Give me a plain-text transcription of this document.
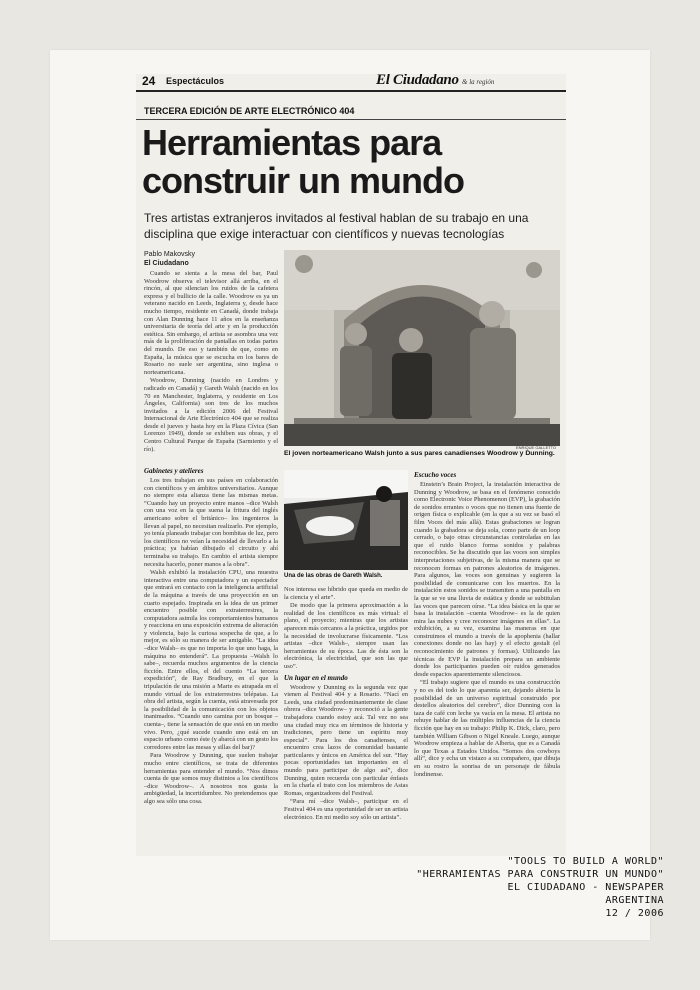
24 Espectáculos	El Ciudadano & la región
TERCERA EDICIÓN DE ARTE ELECTRÓNICO 404
Herramientas para construir un mundo

Tres artistas extranjeros invitados al festival hablan de su trabajo en una disciplina que exige interactuar con científicos y nuevas tecnologías

Pablo Makovsky
El Ciudadano

Cuando se sienta a la mesa del bar, Paul Woodrow observa el televisor allá arriba, en el rincón, al que silencian los ruidos de la cafetera express y el bullicio de la calle. Woodrow es ya un veterano nacido en Leeds, Inglaterra y, desde hace mucho tiempo, residente en Canadá, donde trabaja con Alan Dunning hace 11 años en la enseñanza universitaria de teoría del arte y en la producción estética. Sin embargo, el artista se asombra una vez más de la proliferación de pantallas en todas partes del mundo. De eso y también de que, como en España, la música que se escucha en los bares de Rosario no suele ser argentina, sino inglesa o norteamericana.

Woodrow, Dunning (nacido en Londres y radicado en Canadá) y Gareth Walsh (nacido en los 70 en Manchester, Inglaterra, y residente en Los Ángeles, California) son tres de los muchos invitados a la edición 2006 del Festival Internacional de Arte Electrónico 404 que se realiza desde el jueves y hasta hoy en la Plaza Cívica (San Lorenzo 1949), donde se exhiben sus obras, y el Centro Cultural Parque de España (Sarmiento y el río).	ENRIQUE GALLETTO
El joven norteamericano Walsh junto a sus pares canadienses Woodrow y Dunning.

Gabinetes y atelieres

Los tres trabajan en sus países en colaboración con científicos y en ámbitos universitarios. Aunque no siempre esta alianza tiene las mismas metas. “Cuando hay un proyecto entre manos –dice Walsh con una voz en la que suena la fritura del inglés americano sobre el británico– los ingenieros la llevan al papel, no necesitan realizarlo. Por ejemplo, yo tenía planeado trabajar con bombitas de luz, pero los científicos no veían la necesidad de llevarlo a la práctica; ya habían dibujado el circuito y ahí terminaba su trabajo. En cambio el artista siempre necesita hacerlo, poner manos a la obra”.

Walsh exhibió la instalación CPU, una muestra interactiva entre una computadora y un espectador que entrará en contacto con la inteligencia artificial de la máquina a través de una proyección en un cuarto espejado. Inspirada en la idea de un primer encuentro posible con extraterrestres, la computadora asimila los comportamientos humanos y reacciona en una exposición extrema de alteración y violencia, bajo la curiosa sospecha de que, a lo mejor, es sólo su manera de ser amigable. “La idea –dice Walsh– es que no importa lo que uno haga, la máquina no entenderá”. La propuesta –Walsh lo sabe–, recuerda muchos argumentos de la ciencia ficción. Entre ellos, el del cuento “La tercera expedición”, de Ray Bradbury, en el que la tripulación de una misión a Marte es atrapada en el mundo virtual de los extraterrestres telépatas. La obra del artista, según la cuenta, está atravesada por la posibilidad de la comunicación con los objetos inanimados. “Cuando uno camina por un bosque –cuenta–, tiene la sensación de que está en un medio vivo. Pero, ¿qué sucede cuando uno está en un espacio urbano como éste (y abarcá con un gesto los corredores entre las mesas y sillas del bar)?

Para Woodrow y Dunning, que suelen trabajar mucho entre científicos, se trata de diferentes herramientas para entender el mundo. “Nos dimos cuenta de que somos muy distintos a los científicos –dice Woodrow–. A nosotros nos gusta la ambigüedad, la incertidumbre. No pretendemos que algo sea sólo una cosa.

Una de las obras de Gareth Walsh.

Nos interesa ese híbrido que queda en medio de la ciencia y el arte”.

De modo que la primera aproximación a la realidad de los científicos es más virtual: el plano, el proyecto; mientras que los artistas aparecen más cercanos a la práctica, urgidos por la necesidad de involucrarse físicamente. “Los artistas –dice Walsh–, siempre usan las herramientas de su época. Las de ésta son la electrónica, la electricidad, que son las que uso”.

Un lugar en el mundo

Woodrow y Dunning es la segunda vez que vienen al Festival 404 y a Rosario. “Nací en Leeds, una ciudad predominantemente de clase obrera –dice Woodrow– y reconoció a la gente trabajadora cuando estoy acá. Tal vez no sea una ciudad muy rica en términos de historia y tradiciones, pero tiene un espíritu muy especial”. Para los dos canadienses, el encuentro crea lazos de comunidad bastante particulares y únicos en América del sur. “Hay pocas oportunidades tan importantes en el mundo para participar de algo así”, dice Dunning, quien recuerda con particular énfasis en la charla el trato con los miembros de Astas Romas, organizadores del Festival.

“Para mí –dice Walsh–, participar en el Festival 404 es una oportunidad de ser un artista electrónico. En mi medio soy sólo un artista”.

Escucho voces

Einstein’s Brain Project, la instalación interactiva de Dunning y Woodrow, se basa en el fenómeno conocido como Electronic Voice Phenomenon (EVP), la grabación de sonidos errantes o voces que no tienen una fuente de origen física o explicable (en la que a su vez se basó el film Voces del más allá). Estas grabaciones se logran cuando la grabadora se deja sola, como parte de un loop cerrado, o bajo otras circunstancias controladas en las que el ruido blanco forma sonidos y palabras reconocibles. Se ha discutido que las voces son simples interpretaciones subjetivas, de la misma manera que se reconocen formas en patrones aleatorios de imágenes. Para algunos, las voces son genuinas y sugieren la posibilidad de comunicarse con los muertos. En la instalación estos sonidos se transmiten a una pantalla en la que se ve una lluvia de estática y donde se subtitulan las voces que parecen oírse. “La idea básica en la que se basa la instalación –cuenta Woodrow– es la de quien mira las nubes y cree reconocer imágenes en ellas”. La exhibición, a su vez, examina las maneras en que construimos el mundo a través de la apophenia (hallar conexiones donde no las hay) y el efecto gestalt (el reconocimiento de patrones y formas). Utilizando las técnicas de EVP la instalación prepara un ambiente donde los participantes pueden oír ruidos generados desde espacios aparentemente silenciosos.

“El trabajo sugiere que el mundo es una construcción y no es del todo lo que aparenta ser, dejando abierta la posibilidad de un universo espiritual construido por destellos aleatorios del cerebro”, dice Dunning con la taza de café con leche ya vacía en la mesa. El artista no rehuye hablar de las múltiples influencias de la ciencia ficción que hay en su trabajo: Philip K. Dick, claro, pero también William Gibson o Nigel Kneale. Luego, aunque Woodrow empieza a hablar de Alberta, que es a Canadá lo que Texas a Estados Unidos. “Somos dos cowboys allí”, dice y echa un vistazo a su compañero, que dibuja en su rostro la sonrisa de un personaje de fábula londinense.

"TOOLS TO BUILD A WORLD"
"HERRAMIENTAS PARA CONSTRUIR UN MUNDO"
EL CIUDADANO - NEWSPAPER
ARGENTINA
12 / 2006
